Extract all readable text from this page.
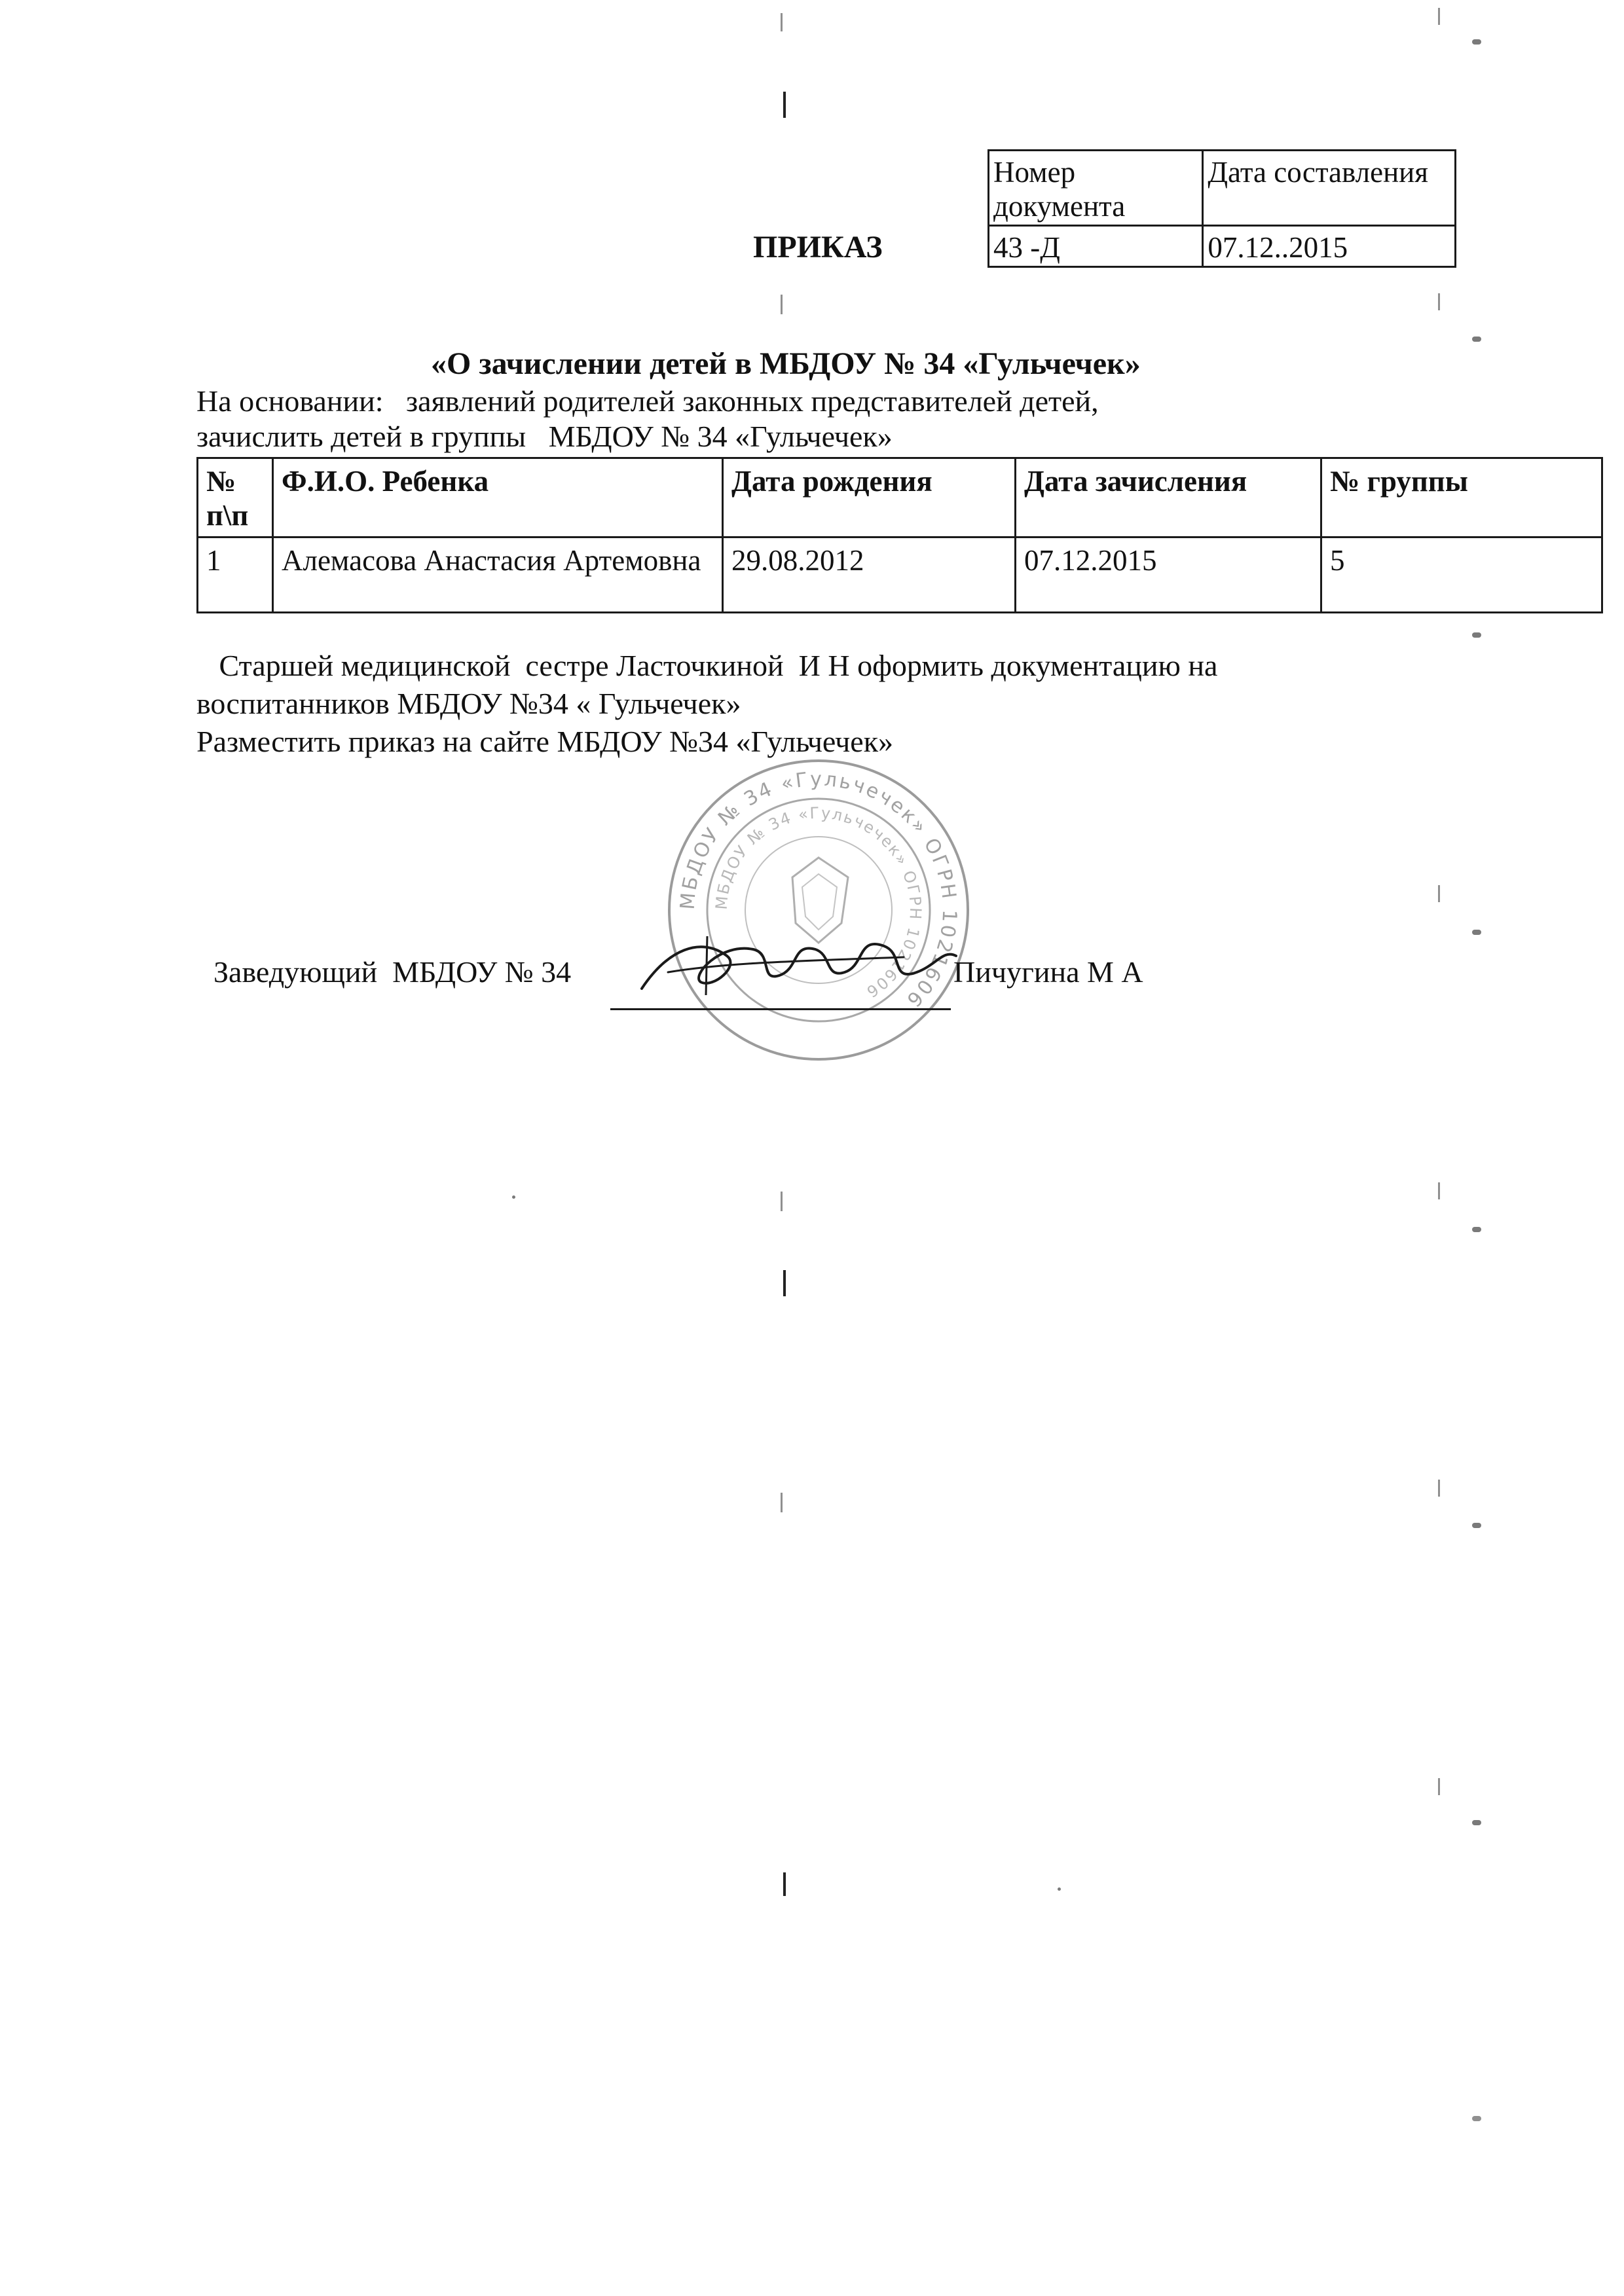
Номер документа	Дата составления
43 -Д	07.12..2015
ПРИКАЗ
«О зачислении детей в МБДОУ № 34 «Гульчечек»
На основании:   заявлений родителей законных представителей детей,
зачислить детей в группы   МБДОУ № 34 «Гульчечек»
№ п\п	Ф.И.О. Ребенка	Дата рождения	Дата зачисления	№ группы
1	Алемасова Анастасия Артемовна	29.08.2012	07.12.2015	5
Старшей медицинской  сестре Ласточкиной  И Н оформить документацию на
воспитанников МБДОУ №34 « Гульчечек»
Разместить приказ на сайте МБДОУ №34 «Гульчечек»
МБДОУ № 34 «Гульчечек» ОГРН 1021606
МБДОУ № 34 «Гульчечек» ОГРН 1021606
Заведующий  МБДОУ № 34	Пичугина М А
